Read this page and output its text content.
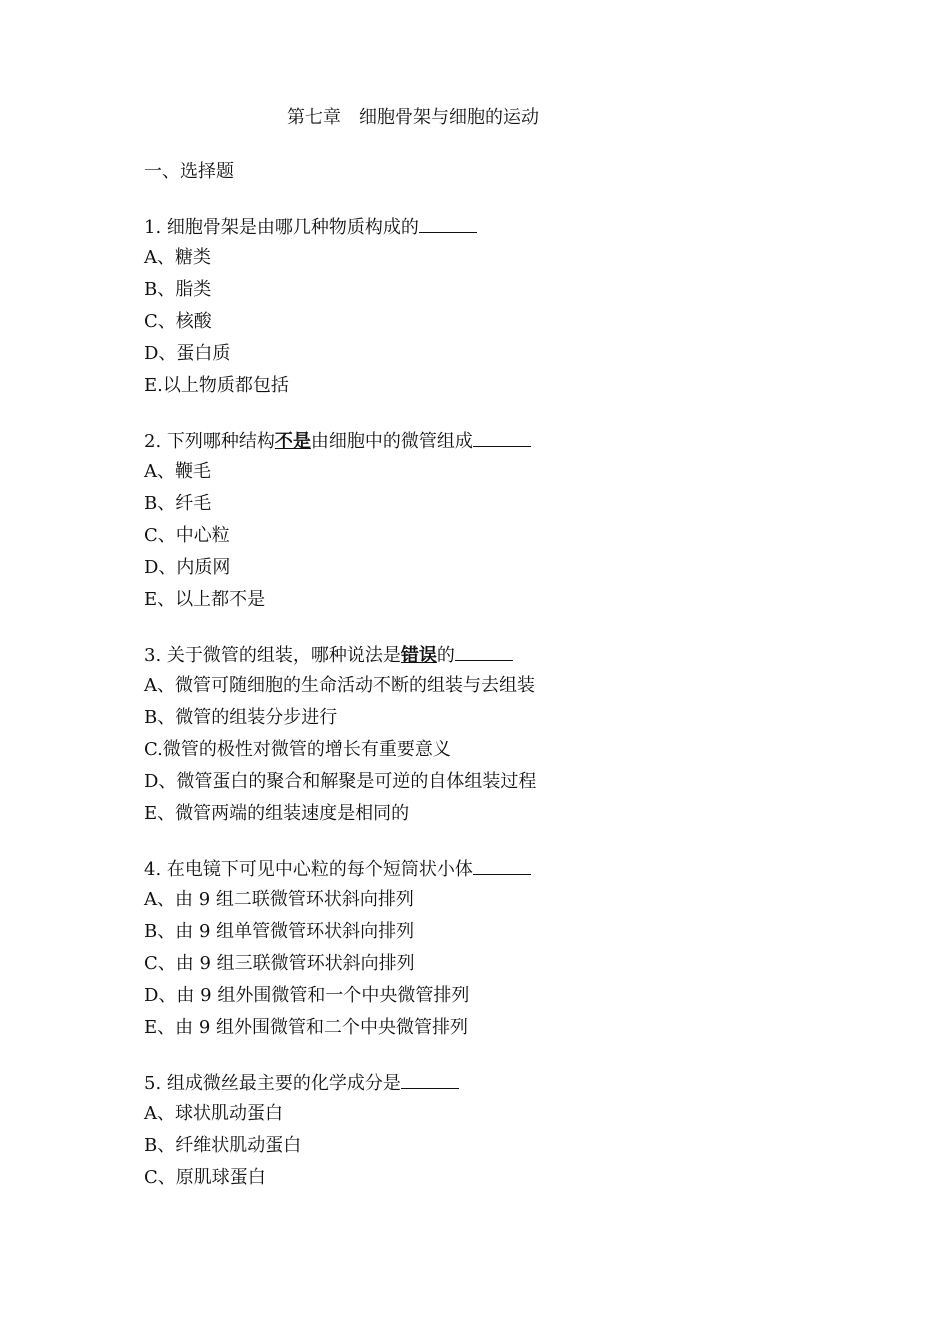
第七章　细胞骨架与细胞的运动
一、选择题
1. 细胞骨架是由哪几种物质构成的
A、糖类
B、脂类
C、核酸
D、蛋白质
E.以上物质都包括
2. 下列哪种结构不是由细胞中的微管组成
A、鞭毛
B、纤毛
C、中心粒
D、内质网
E、以上都不是
3. 关于微管的组装，哪种说法是错误的
A、微管可随细胞的生命活动不断的组装与去组装
B、微管的组装分步进行
C.微管的极性对微管的增长有重要意义
D、微管蛋白的聚合和解聚是可逆的自体组装过程
E、微管两端的组装速度是相同的
4. 在电镜下可见中心粒的每个短筒状小体
A、由 9 组二联微管环状斜向排列
B、由 9 组单管微管环状斜向排列
C、由 9 组三联微管环状斜向排列
D、由 9 组外围微管和一个中央微管排列
E、由 9 组外围微管和二个中央微管排列
5. 组成微丝最主要的化学成分是
A、球状肌动蛋白
B、纤维状肌动蛋白
C、原肌球蛋白
